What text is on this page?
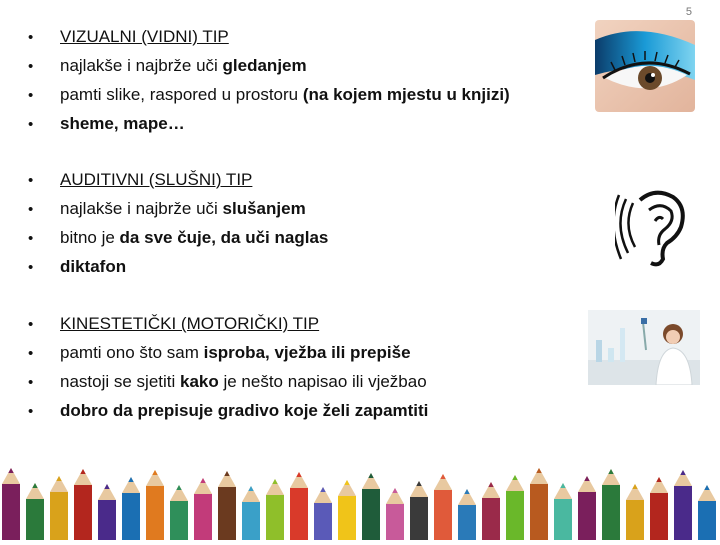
5
•	VIZUALNI (VIDNI) TIP
•	najlakše i najbrže uči gledanjem
•	pamti slike, raspored u prostoru (na kojem mjestu u knjizi)
•	sheme, mape…
•	AUDITIVNI (SLUŠNI) TIP
•	najlakše i najbrže uči slušanjem
•	bitno je da sve čuje, da uči naglas
•	diktafon
•	KINESTETIČKI (MOTORIČKI) TIP
•	pamti ono što sam isproba, vježba ili prepiše
•	nastoji se sjetiti kako je nešto napisao ili vježbao
•	dobro da prepisuje gradivo koje želi zapamtiti
